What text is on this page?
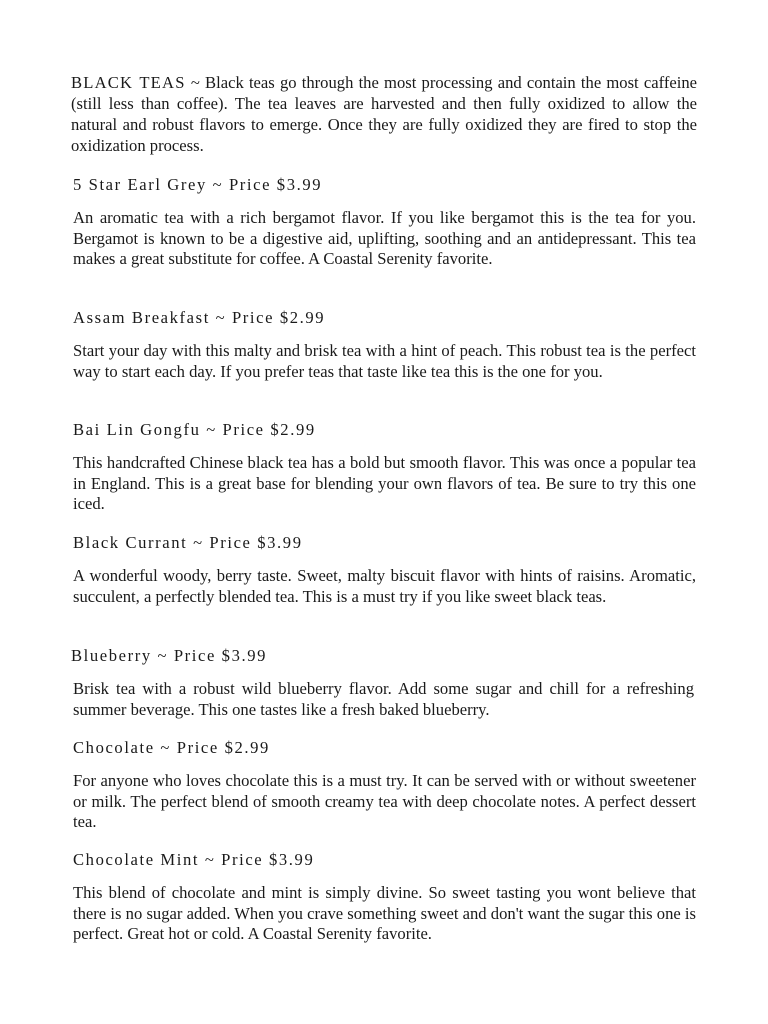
BLACK TEAS ~ Black teas go through the most processing and contain the most caffeine (still less than coffee). The tea leaves are harvested and then fully oxidized to allow the natural and robust flavors to emerge. Once they are fully oxidized they are fired to stop the oxidization process.

5 Star Earl Grey ~ Price $3.99

An aromatic tea with a rich bergamot flavor. If you like bergamot this is the tea for you. Bergamot is known to be a digestive aid, uplifting, soothing and an antidepressant. This tea makes a great substitute for coffee. A Coastal Serenity favorite.

Assam Breakfast ~ Price $2.99

Start your day with this malty and brisk tea with a hint of peach. This robust tea is the perfect way to start each day. If you prefer teas that taste like tea this is the one for you.

Bai Lin Gongfu ~ Price $2.99

This handcrafted Chinese black tea has a bold but smooth flavor. This was once a popular tea in England. This is a great base for blending your own flavors of tea. Be sure to try this one iced.

Black Currant ~ Price $3.99

A wonderful woody, berry taste. Sweet, malty biscuit flavor with hints of raisins. Aromatic, succulent, a perfectly blended tea. This is a must try if you like sweet black teas.

Blueberry ~ Price $3.99

Brisk tea with a robust wild blueberry flavor. Add some sugar and chill for a refreshing summer beverage. This one tastes like a fresh baked blueberry.

Chocolate ~ Price $2.99

For anyone who loves chocolate this is a must try. It can be served with or without sweetener or milk. The perfect blend of smooth creamy tea with deep chocolate notes. A perfect dessert tea.

Chocolate Mint ~ Price $3.99

This blend of chocolate and mint is simply divine. So sweet tasting you wont believe that there is no sugar added. When you crave something sweet and don't want the sugar this one is perfect. Great hot or cold. A Coastal Serenity favorite.
